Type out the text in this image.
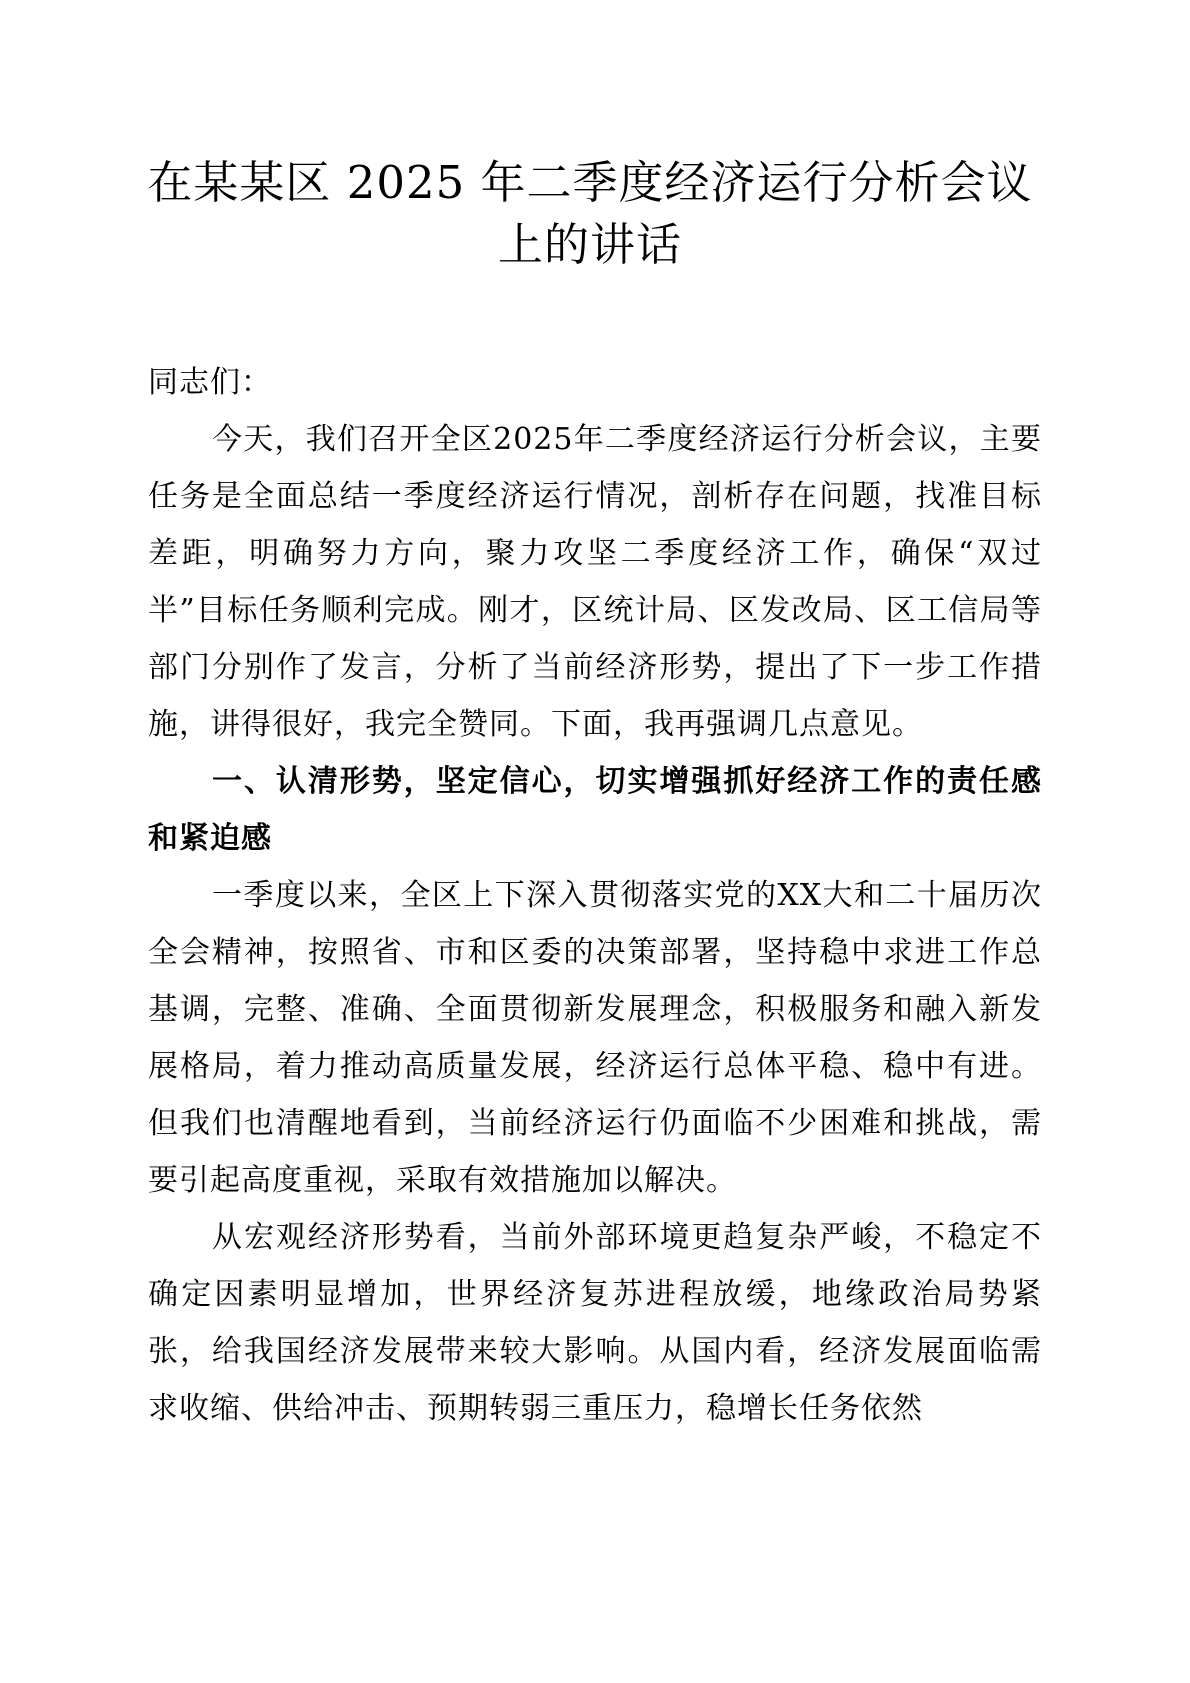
在某某区 2025 年二季度经济运行分析会议上的讲话

同志们：

今天，我们召开全区2025年二季度经济运行分析会议，主要任务是全面总结一季度经济运行情况，剖析存在问题，找准目标差距，明确努力方向，聚力攻坚二季度经济工作，确保“双过半”目标任务顺利完成。刚才，区统计局、区发改局、区工信局等部门分别作了发言，分析了当前经济形势，提出了下一步工作措施，讲得很好，我完全赞同。下面，我再强调几点意见。

一、认清形势，坚定信心，切实增强抓好经济工作的责任感和紧迫感

一季度以来，全区上下深入贯彻落实党的XX大和二十届历次全会精神，按照省、市和区委的决策部署，坚持稳中求进工作总基调，完整、准确、全面贯彻新发展理念，积极服务和融入新发展格局，着力推动高质量发展，经济运行总体平稳、稳中有进。但我们也清醒地看到，当前经济运行仍面临不少困难和挑战，需要引起高度重视，采取有效措施加以解决。

从宏观经济形势看，当前外部环境更趋复杂严峻，不稳定不确定因素明显增加，世界经济复苏进程放缓，地缘政治局势紧张，给我国经济发展带来较大影响。从国内看，经济发展面临需求收缩、供给冲击、预期转弱三重压力，稳增长任务依然
